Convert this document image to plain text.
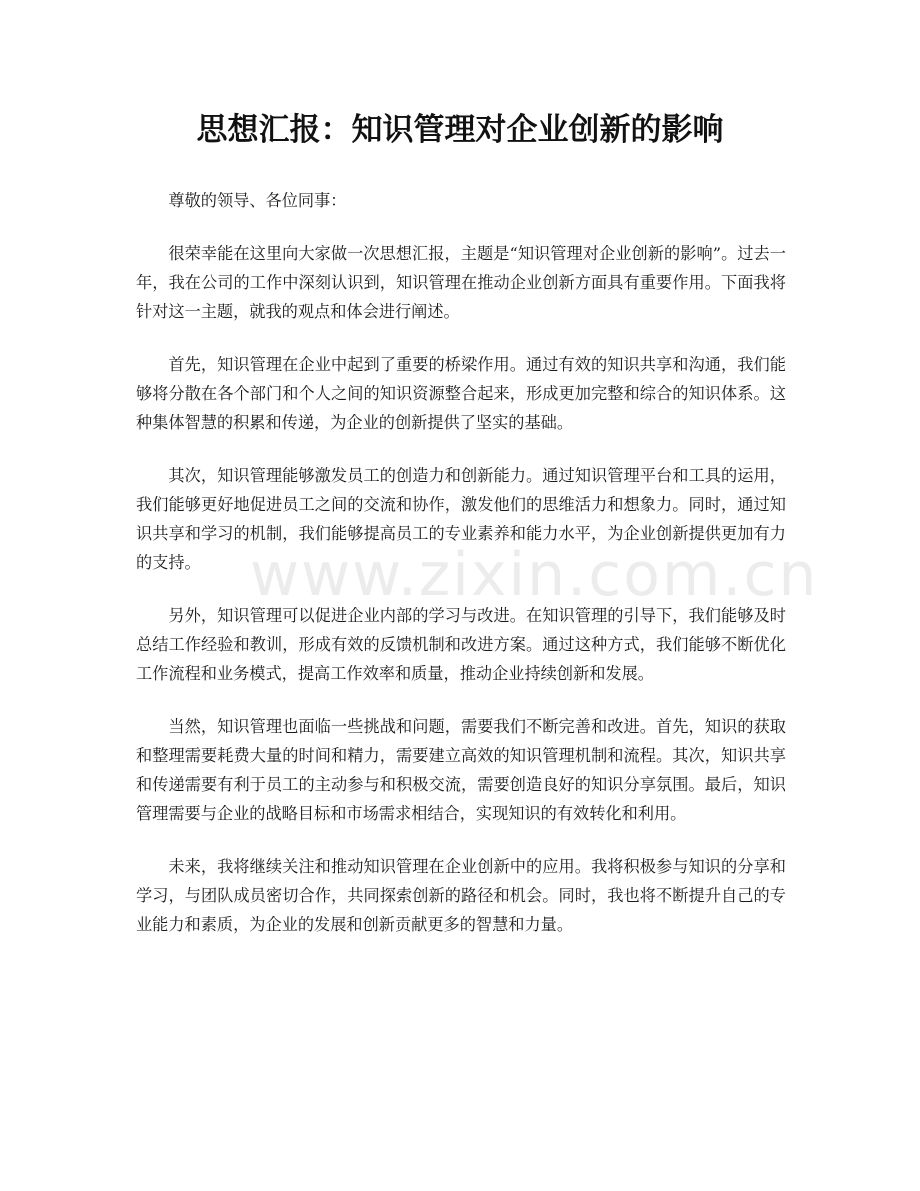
思想汇报：知识管理对企业创新的影响

尊敬的领导、各位同事：

很荣幸能在这里向大家做一次思想汇报，主题是“知识管理对企业创新的影响”。过去一年，我在公司的工作中深刻认识到，知识管理在推动企业创新方面具有重要作用。下面我将针对这一主题，就我的观点和体会进行阐述。

首先，知识管理在企业中起到了重要的桥梁作用。通过有效的知识共享和沟通，我们能够将分散在各个部门和个人之间的知识资源整合起来，形成更加完整和综合的知识体系。这种集体智慧的积累和传递，为企业的创新提供了坚实的基础。

其次，知识管理能够激发员工的创造力和创新能力。通过知识管理平台和工具的运用，我们能够更好地促进员工之间的交流和协作，激发他们的思维活力和想象力。同时，通过知识共享和学习的机制，我们能够提高员工的专业素养和能力水平，为企业创新提供更加有力的支持。

另外，知识管理可以促进企业内部的学习与改进。在知识管理的引导下，我们能够及时总结工作经验和教训，形成有效的反馈机制和改进方案。通过这种方式，我们能够不断优化工作流程和业务模式，提高工作效率和质量，推动企业持续创新和发展。

当然，知识管理也面临一些挑战和问题，需要我们不断完善和改进。首先，知识的获取和整理需要耗费大量的时间和精力，需要建立高效的知识管理机制和流程。其次，知识共享和传递需要有利于员工的主动参与和积极交流，需要创造良好的知识分享氛围。最后，知识管理需要与企业的战略目标和市场需求相结合，实现知识的有效转化和利用。

未来，我将继续关注和推动知识管理在企业创新中的应用。我将积极参与知识的分享和学习，与团队成员密切合作，共同探索创新的路径和机会。同时，我也将不断提升自己的专业能力和素质，为企业的发展和创新贡献更多的智慧和力量。

www.zixin.com.cn
